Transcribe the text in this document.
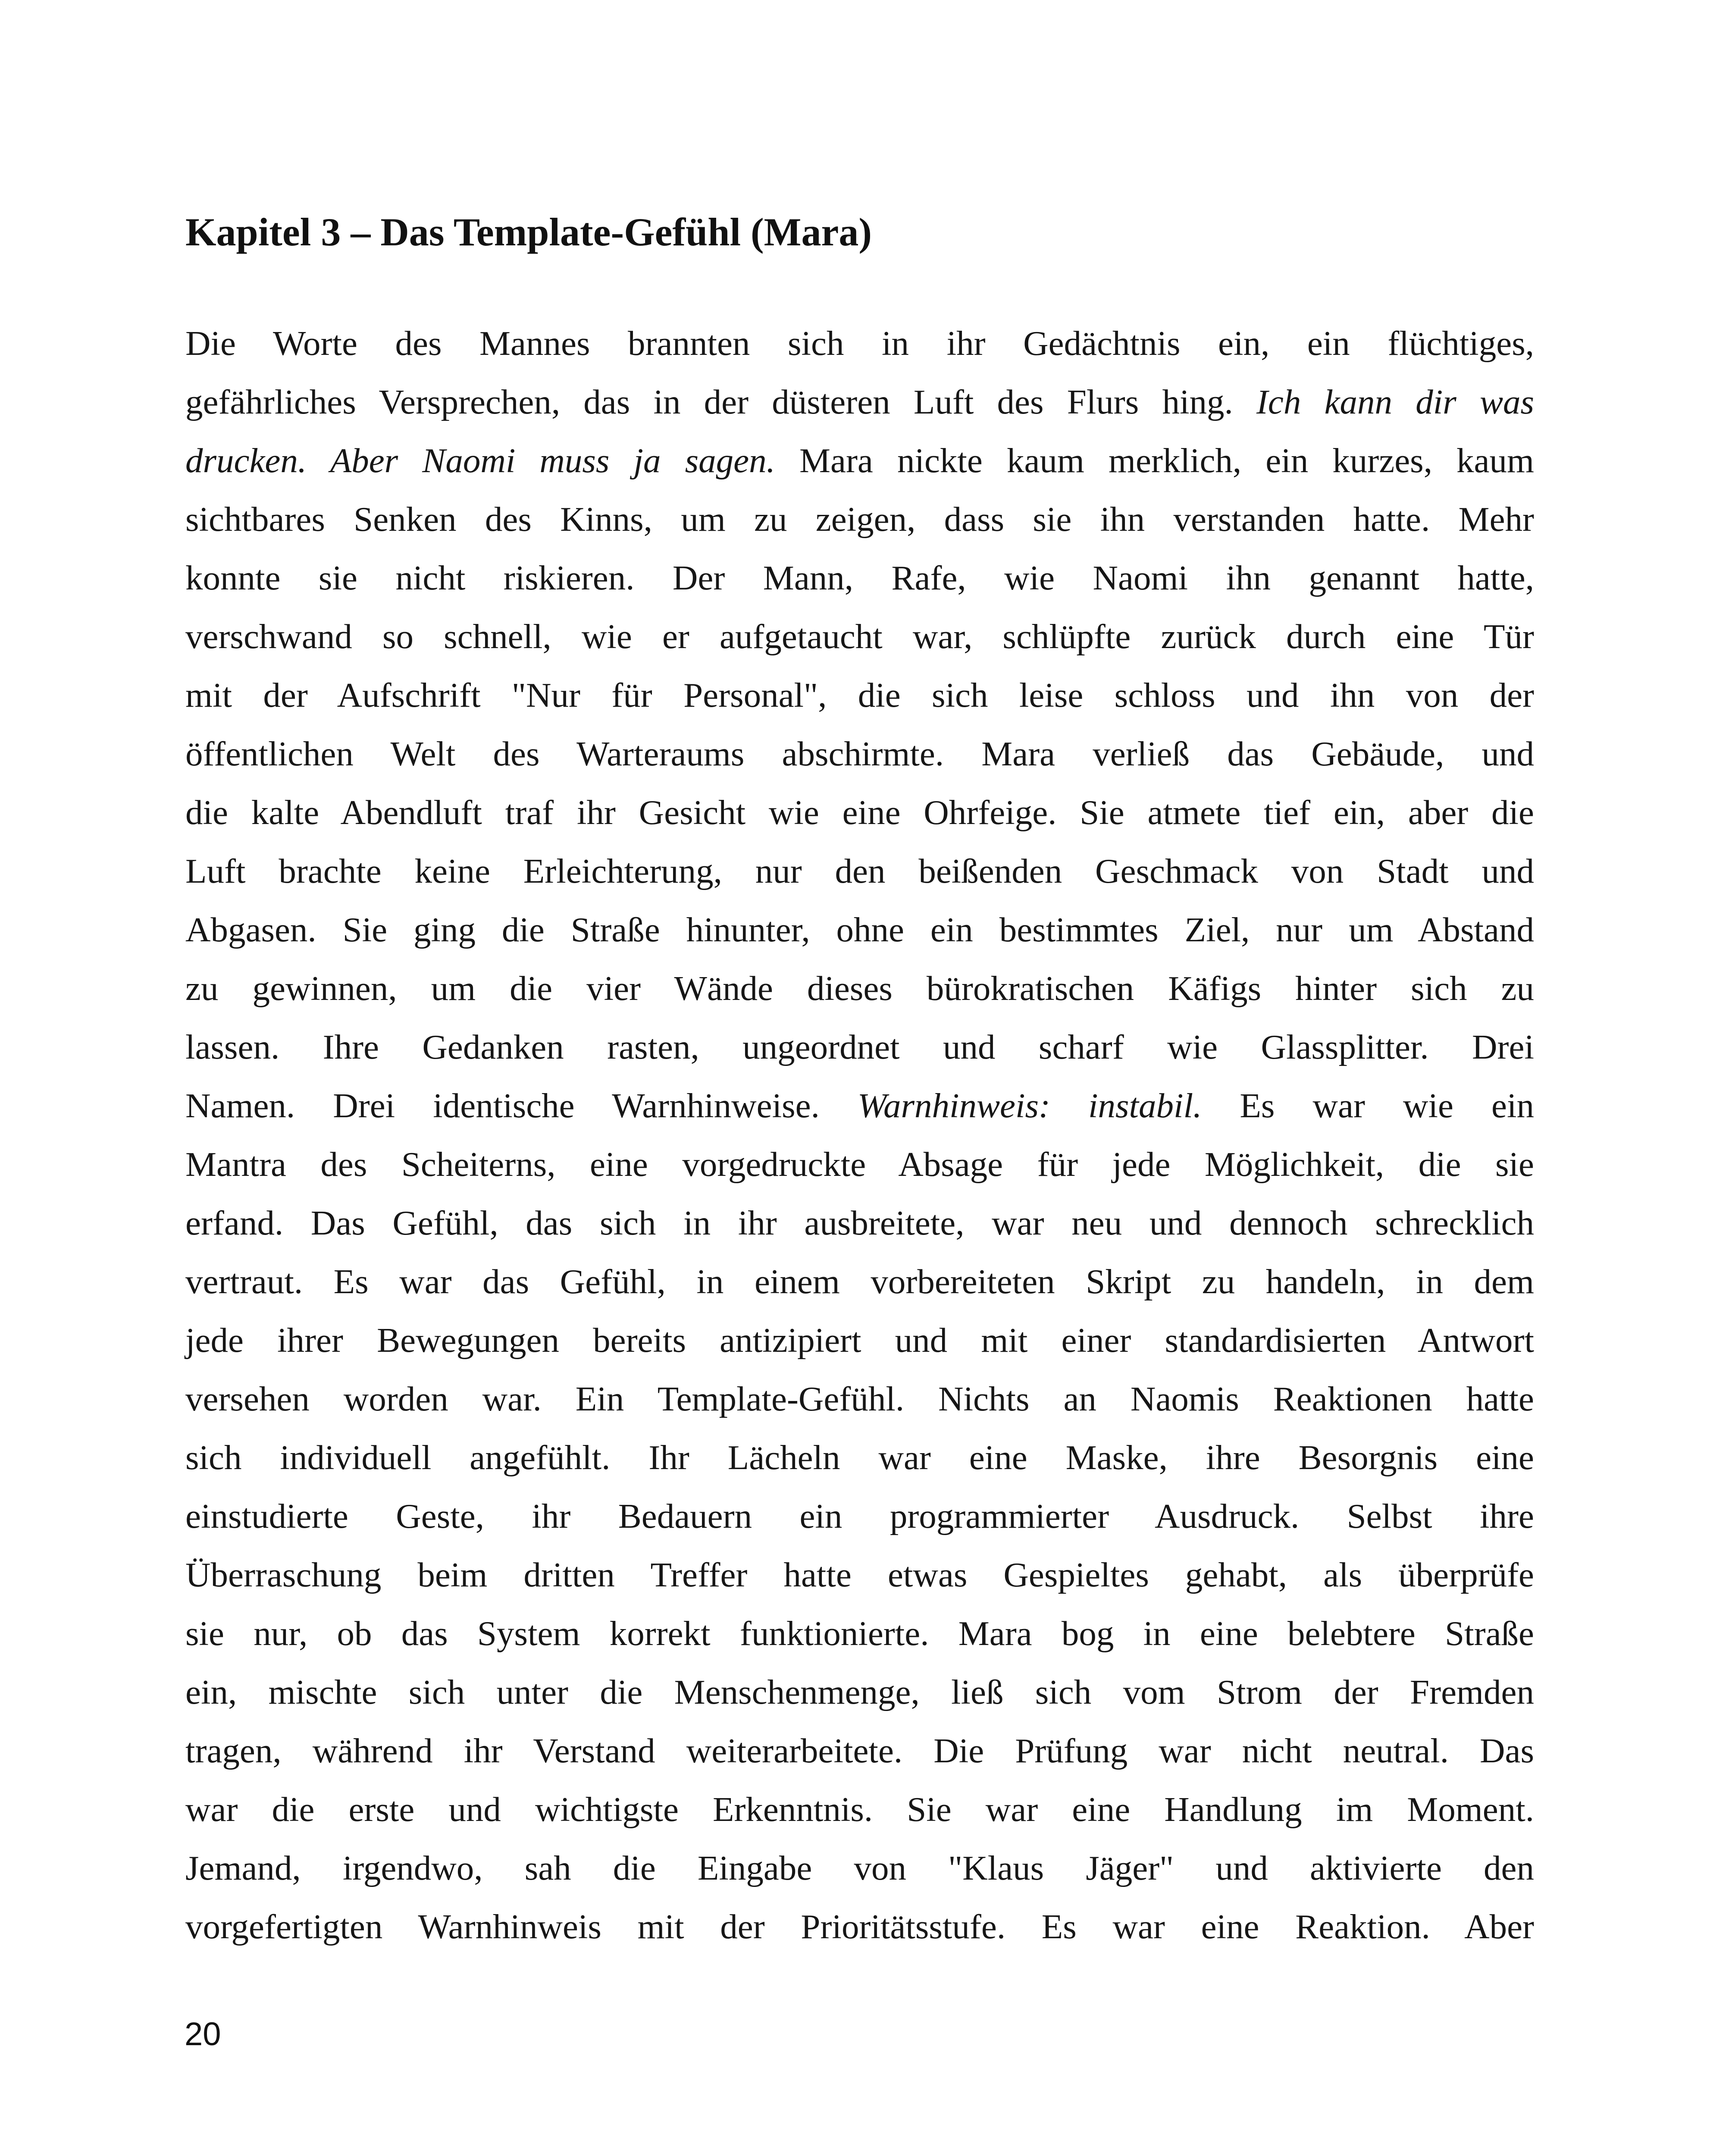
Kapitel 3 – Das Template-Gefühl (Mara)
Die Worte des Mannes brannten sich in ihr Gedächtnis ein, ein flüchtiges,
gefährliches Versprechen, das in der düsteren Luft des Flurs hing. Ich kann dir was
drucken. Aber Naomi muss ja sagen. Mara nickte kaum merklich, ein kurzes, kaum
sichtbares Senken des Kinns, um zu zeigen, dass sie ihn verstanden hatte. Mehr
konnte sie nicht riskieren. Der Mann, Rafe, wie Naomi ihn genannt hatte,
verschwand so schnell, wie er aufgetaucht war, schlüpfte zurück durch eine Tür
mit der Aufschrift "Nur für Personal", die sich leise schloss und ihn von der
öffentlichen Welt des Warteraums abschirmte. Mara verließ das Gebäude, und
die kalte Abendluft traf ihr Gesicht wie eine Ohrfeige. Sie atmete tief ein, aber die
Luft brachte keine Erleichterung, nur den beißenden Geschmack von Stadt und
Abgasen. Sie ging die Straße hinunter, ohne ein bestimmtes Ziel, nur um Abstand
zu gewinnen, um die vier Wände dieses bürokratischen Käfigs hinter sich zu
lassen. Ihre Gedanken rasten, ungeordnet und scharf wie Glassplitter. Drei
Namen. Drei identische Warnhinweise. Warnhinweis: instabil. Es war wie ein
Mantra des Scheiterns, eine vorgedruckte Absage für jede Möglichkeit, die sie
erfand. Das Gefühl, das sich in ihr ausbreitete, war neu und dennoch schrecklich
vertraut. Es war das Gefühl, in einem vorbereiteten Skript zu handeln, in dem
jede ihrer Bewegungen bereits antizipiert und mit einer standardisierten Antwort
versehen worden war. Ein Template-Gefühl. Nichts an Naomis Reaktionen hatte
sich individuell angefühlt. Ihr Lächeln war eine Maske, ihre Besorgnis eine
einstudierte Geste, ihr Bedauern ein programmierter Ausdruck. Selbst ihre
Überraschung beim dritten Treffer hatte etwas Gespieltes gehabt, als überprüfe
sie nur, ob das System korrekt funktionierte. Mara bog in eine belebtere Straße
ein, mischte sich unter die Menschenmenge, ließ sich vom Strom der Fremden
tragen, während ihr Verstand weiterarbeitete. Die Prüfung war nicht neutral. Das
war die erste und wichtigste Erkenntnis. Sie war eine Handlung im Moment.
Jemand, irgendwo, sah die Eingabe von "Klaus Jäger" und aktivierte den
vorgefertigten Warnhinweis mit der Prioritätsstufe. Es war eine Reaktion. Aber
20
